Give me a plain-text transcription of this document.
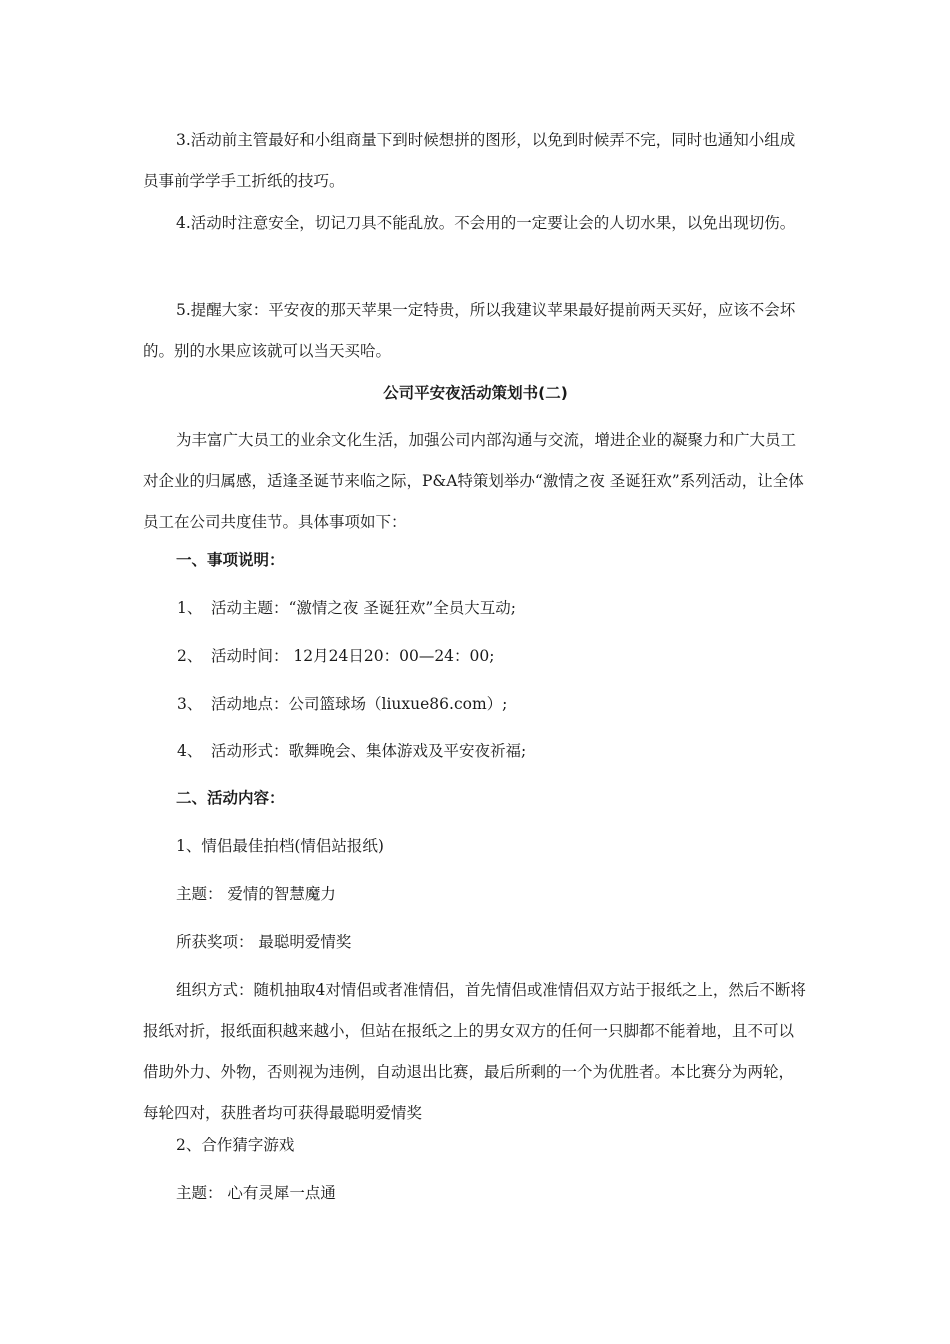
3.活动前主管最好和小组商量下到时候想拼的图形，以免到时候弄不完，同时也通知小组成员事前学学手工折纸的技巧。

4.活动时注意安全，切记刀具不能乱放。不会用的一定要让会的人切水果，以免出现切伤。

5.提醒大家：平安夜的那天苹果一定特贵，所以我建议苹果最好提前两天买好，应该不会坏的。别的水果应该就可以当天买哈。

公司平安夜活动策划书(二)

为丰富广大员工的业余文化生活，加强公司内部沟通与交流，增进企业的凝聚力和广大员工对企业的归属感，适逢圣诞节来临之际，P&A特策划举办“激情之夜 圣诞狂欢”系列活动，让全体员工在公司共度佳节。具体事项如下：

一、事项说明：

1、 活动主题：“激情之夜 圣诞狂欢”全员大互动;

2、 活动时间： 12月24日20：00—24：00;

3、 活动地点：公司篮球场（liuxue86.com）;

4、 活动形式：歌舞晚会、集体游戏及平安夜祈福;

二、活动内容：

1、情侣最佳拍档(情侣站报纸)

主题： 爱情的智慧魔力

所获奖项： 最聪明爱情奖

组织方式：随机抽取4对情侣或者准情侣，首先情侣或准情侣双方站于报纸之上，然后不断将报纸对折，报纸面积越来越小，但站在报纸之上的男女双方的任何一只脚都不能着地，且不可以借助外力、外物，否则视为违例，自动退出比赛，最后所剩的一个为优胜者。本比赛分为两轮，每轮四对，获胜者均可获得最聪明爱情奖

2、合作猜字游戏

主题： 心有灵犀一点通
